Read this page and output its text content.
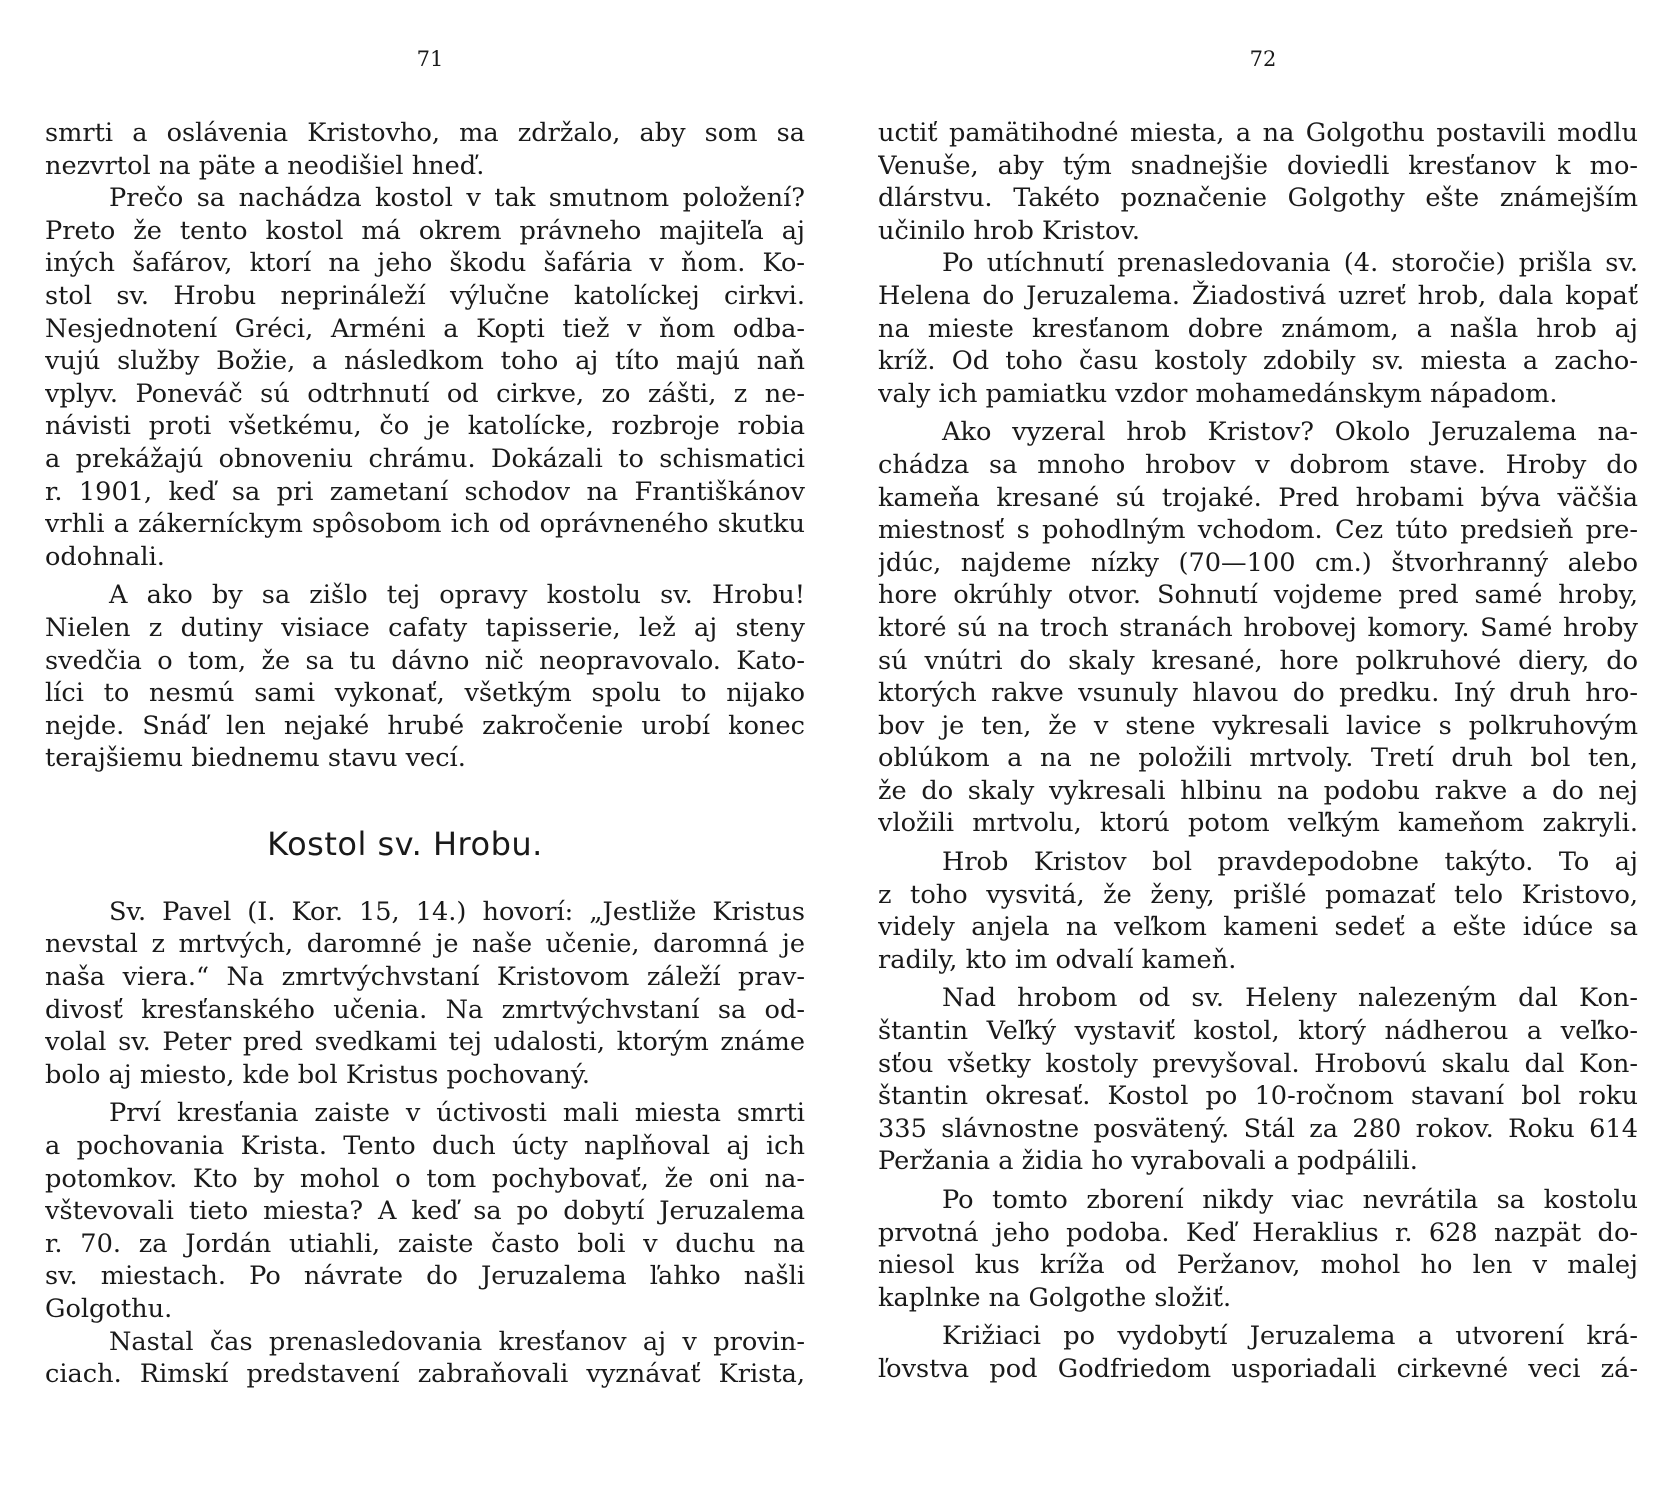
71
smrti a oslávenia Kristovho, ma zdržalo, aby som sa
nezvrtol na päte a neodišiel hneď.
Prečo sa nachádza kostol v tak smutnom položení?
Preto že tento kostol má okrem právneho majiteľa aj
iných šafárov, ktorí na jeho škodu šafária v ňom. Ko-
stol sv. Hrobu neprináleží výlučne katolíckej cirkvi.
Nesjednotení Gréci, Arméni a Kopti tiež v ňom odba-
vujú služby Božie, a následkom toho aj títo majú naň
vplyv. Poneváč sú odtrhnutí od cirkve, zo zášti, z ne-
návisti proti všetkému, čo je katolícke, rozbroje robia
a prekážajú obnoveniu chrámu. Dokázali to schismatici
r. 1901, keď sa pri zametaní schodov na Františkánov
vrhli a zákerníckym spôsobom ich od oprávneného skutku
odohnali.
A ako by sa zišlo tej opravy kostolu sv. Hrobu!
Nielen z dutiny visiace cafaty tapisserie, lež aj steny
svedčia o tom, že sa tu dávno nič neopravovalo. Kato-
líci to nesmú sami vykonať, všetkým spolu to nijako
nejde. Snáď len nejaké hrubé zakročenie urobí konec
terajšiemu biednemu stavu vecí.
Kostol sv. Hrobu.
Sv. Pavel (I. Kor. 15, 14.) hovorí: „Jestliže Kristus
nevstal z mrtvých, daromné je naše učenie, daromná je
naša viera.“ Na zmrtvýchvstaní Kristovom záleží prav-
divosť kresťanského učenia. Na zmrtvýchvstaní sa od-
volal sv. Peter pred svedkami tej udalosti, ktorým známe
bolo aj miesto, kde bol Kristus pochovaný.
Prví kresťania zaiste v úctivosti mali miesta smrti
a pochovania Krista. Tento duch úcty naplňoval aj ich
potomkov. Kto by mohol o tom pochybovať, že oni na-
vštevovali tieto miesta? A keď sa po dobytí Jeruzalema
r. 70. za Jordán utiahli, zaiste často boli v duchu na
sv. miestach. Po návrate do Jeruzalema ľahko našli
Golgothu.
Nastal čas prenasledovania kresťanov aj v provin-
ciach. Rimskí predstavení zabraňovali vyznávať Krista,
72
uctiť pamätihodné miesta, a na Golgothu postavili modlu
Venuše, aby tým snadnejšie doviedli kresťanov k mo-
dlárstvu. Takéto poznačenie Golgothy ešte známejším
učinilo hrob Kristov.
Po utíchnutí prenasledovania (4. storočie) prišla sv.
Helena do Jeruzalema. Žiadostivá uzreť hrob, dala kopať
na mieste kresťanom dobre známom, a našla hrob aj
kríž. Od toho času kostoly zdobily sv. miesta a zacho-
valy ich pamiatku vzdor mohamedánskym nápadom.
Ako vyzeral hrob Kristov? Okolo Jeruzalema na-
chádza sa mnoho hrobov v dobrom stave. Hroby do
kameňa kresané sú trojaké. Pred hrobami býva väčšia
miestnosť s pohodlným vchodom. Cez túto predsieň pre-
jdúc, najdeme nízky (70—100 cm.) štvorhranný alebo
hore okrúhly otvor. Sohnutí vojdeme pred samé hroby,
ktoré sú na troch stranách hrobovej komory. Samé hroby
sú vnútri do skaly kresané, hore polkruhové diery, do
ktorých rakve vsunuly hlavou do predku. Iný druh hro-
bov je ten, že v stene vykresali lavice s polkruhovým
oblúkom a na ne položili mrtvoly. Tretí druh bol ten,
že do skaly vykresali hlbinu na podobu rakve a do nej
vložili mrtvolu, ktorú potom veľkým kameňom zakryli.
Hrob Kristov bol pravdepodobne takýto. To aj
z toho vysvitá, že ženy, prišlé pomazať telo Kristovo,
videly anjela na veľkom kameni sedeť a ešte idúce sa
radily, kto im odvalí kameň.
Nad hrobom od sv. Heleny nalezeným dal Kon-
štantin Veľký vystaviť kostol, ktorý nádherou a veľko-
sťou všetky kostoly prevyšoval. Hrobovú skalu dal Kon-
štantin okresať. Kostol po 10-ročnom stavaní bol roku
335 slávnostne posvätený. Stál za 280 rokov. Roku 614
Peržania a židia ho vyrabovali a podpálili.
Po tomto zborení nikdy viac nevrátila sa kostolu
prvotná jeho podoba. Keď Heraklius r. 628 nazpät do-
niesol kus kríža od Peržanov, mohol ho len v malej
kaplnke na Golgothe složiť.
Križiaci po vydobytí Jeruzalema a utvorení krá-
ľovstva pod Godfriedom usporiadali cirkevné veci zá-
